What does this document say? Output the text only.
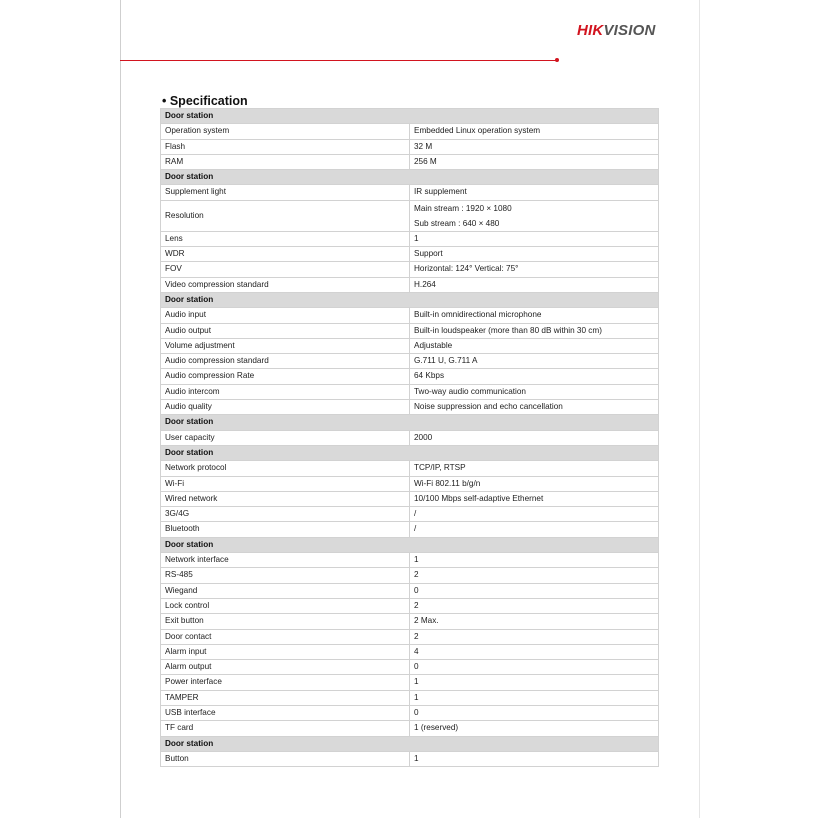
HIKVISION
• Specification
Door station	
Operation system	Embedded Linux operation system
Flash	32 M
RAM	256 M
Door station	
Supplement light	IR supplement
Resolution	Main stream : 1920 × 1080
Sub stream : 640 × 480

Lens	1
WDR	Support
FOV	Horizontal: 124° Vertical: 75°
Video compression standard	H.264
Door station	
Audio input	Built-in omnidirectional microphone
Audio output	Built-in loudspeaker (more than 80 dB within 30 cm)
Volume adjustment	Adjustable
Audio compression standard	G.711 U, G.711 A
Audio compression Rate	64 Kbps
Audio intercom	Two-way audio communication
Audio quality	Noise suppression and echo cancellation
Door station	
User capacity	2000
Door station	
Network protocol	TCP/IP, RTSP
Wi-Fi	Wi-Fi 802.11 b/g/n
Wired network	10/100 Mbps self-adaptive Ethernet
3G/4G	/
Bluetooth	/
Door station	
Network interface	1
RS-485	2
Wiegand	0
Lock control	2
Exit button	2 Max.
Door contact	2
Alarm input	4
Alarm output	0
Power interface	1
TAMPER	1
USB interface	0
TF card	1 (reserved)
Door station	
Button	1
